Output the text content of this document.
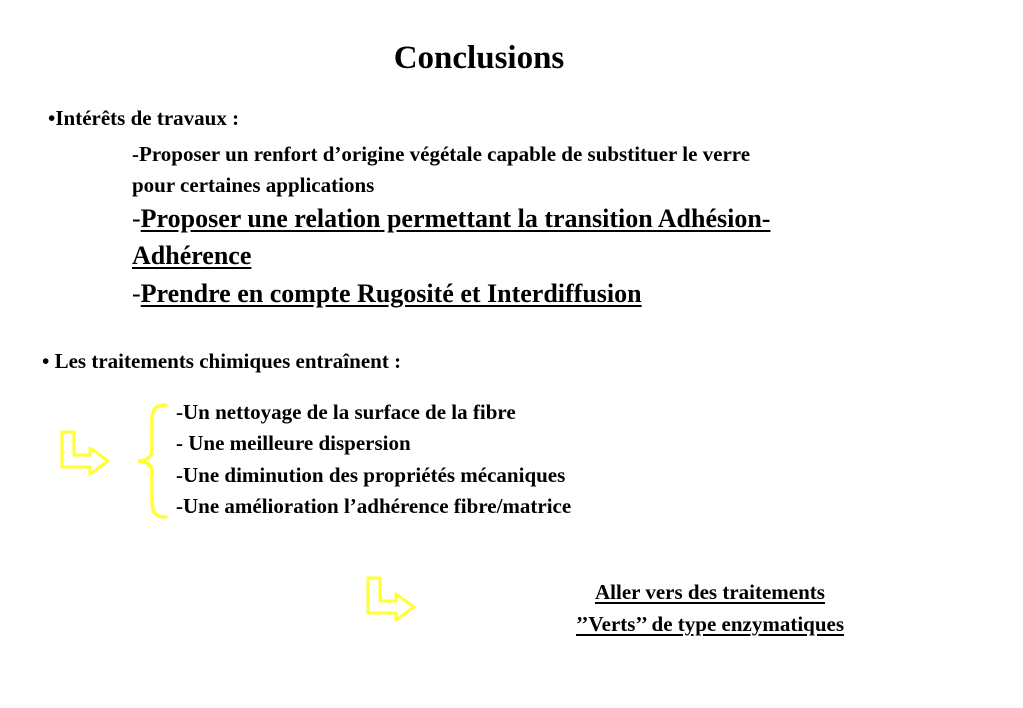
Conclusions
•Intérêts de travaux :
-Proposer un renfort d’origine végétale capable de substituer le verre
pour certaines applications
-Proposer une relation permettant la transition Adhésion-
Adhérence
-Prendre en compte Rugosité et Interdiffusion
• Les traitements chimiques entraînent :
-Un nettoyage de la surface de la fibre
- Une meilleure dispersion
-Une diminution des propriétés mécaniques
-Une amélioration l’adhérence fibre/matrice
Aller vers des traitements
’’Verts’’ de type enzymatiques
